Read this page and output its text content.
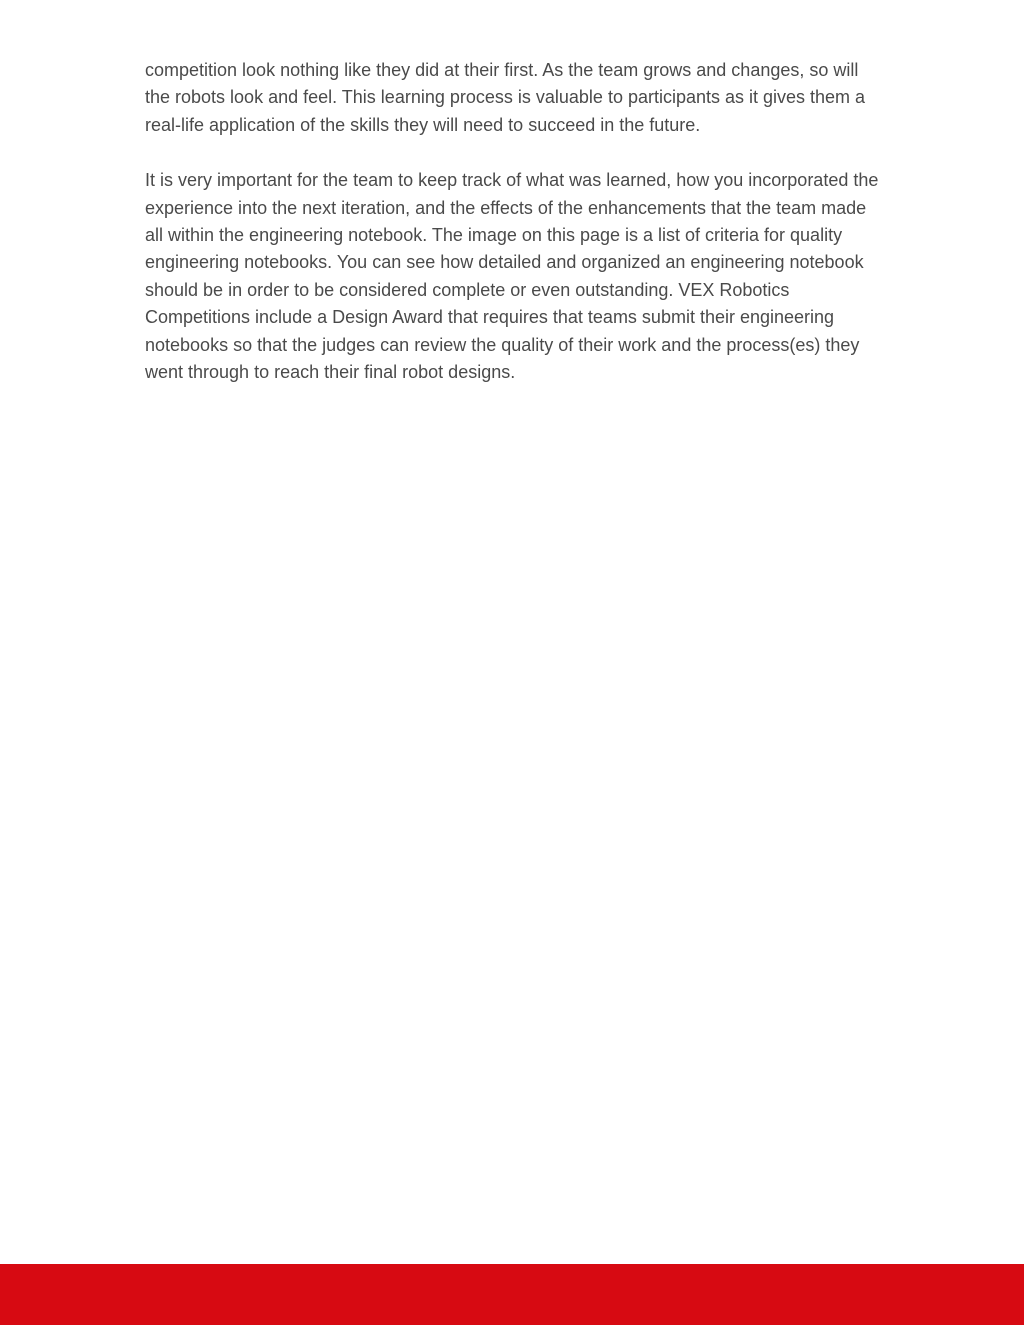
competition look nothing like they did at their first. As the team grows and changes, so will
the robots look and feel. This learning process is valuable to participants as it gives them a
real-life application of the skills they will need to succeed in the future.

It is very important for the team to keep track of what was learned, how you incorporated the
experience into the next iteration, and the effects of the enhancements that the team made
all within the engineering notebook. The image on this page is a list of criteria for quality
engineering notebooks. You can see how detailed and organized an engineering notebook
should be in order to be considered complete or even outstanding. VEX Robotics
Competitions include a Design Award that requires that teams submit their engineering
notebooks so that the judges can review the quality of their work and the process(es) they
went through to reach their final robot designs.
